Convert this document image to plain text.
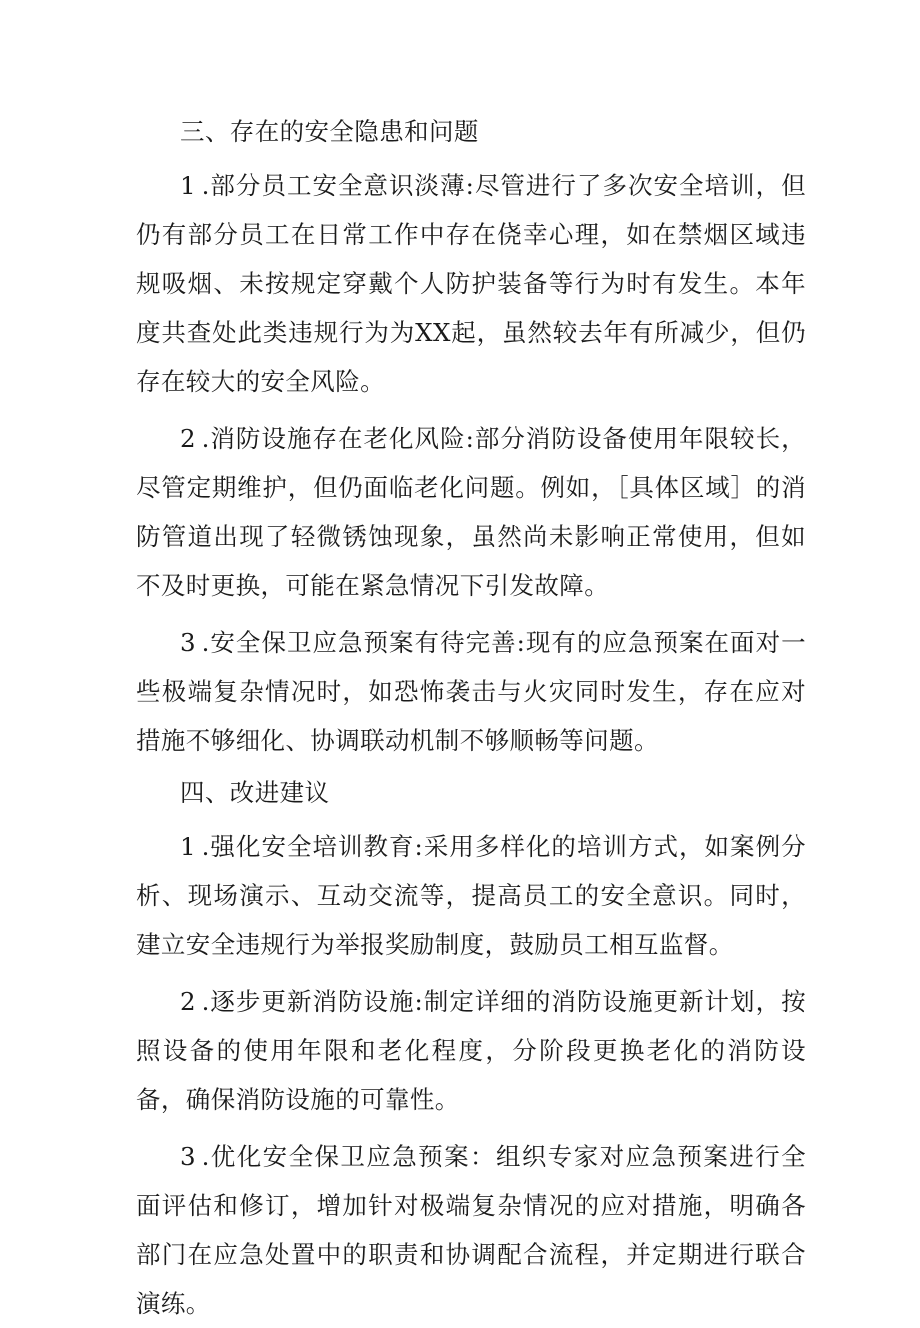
三、存在的安全隐患和问题

1.部分员工安全意识淡薄:尽管进行了多次安全培训，但仍有部分员工在日常工作中存在侥幸心理，如在禁烟区域违规吸烟、未按规定穿戴个人防护装备等行为时有发生。本年度共查处此类违规行为为XX起，虽然较去年有所减少，但仍存在较大的安全风险。

2.消防设施存在老化风险:部分消防设备使用年限较长，尽管定期维护，但仍面临老化问题。例如，［具体区域］的消防管道出现了轻微锈蚀现象，虽然尚未影响正常使用，但如不及时更换，可能在紧急情况下引发故障。

3.安全保卫应急预案有待完善:现有的应急预案在面对一些极端复杂情况时，如恐怖袭击与火灾同时发生，存在应对措施不够细化、协调联动机制不够顺畅等问题。

四、改进建议

1.强化安全培训教育:采用多样化的培训方式，如案例分析、现场演示、互动交流等，提高员工的安全意识。同时，建立安全违规行为举报奖励制度，鼓励员工相互监督。

2.逐步更新消防设施:制定详细的消防设施更新计划，按照设备的使用年限和老化程度，分阶段更换老化的消防设备，确保消防设施的可靠性。

3.优化安全保卫应急预案：组织专家对应急预案进行全面评估和修订，增加针对极端复杂情况的应对措施，明确各部门在应急处置中的职责和协调配合流程，并定期进行联合演练。
